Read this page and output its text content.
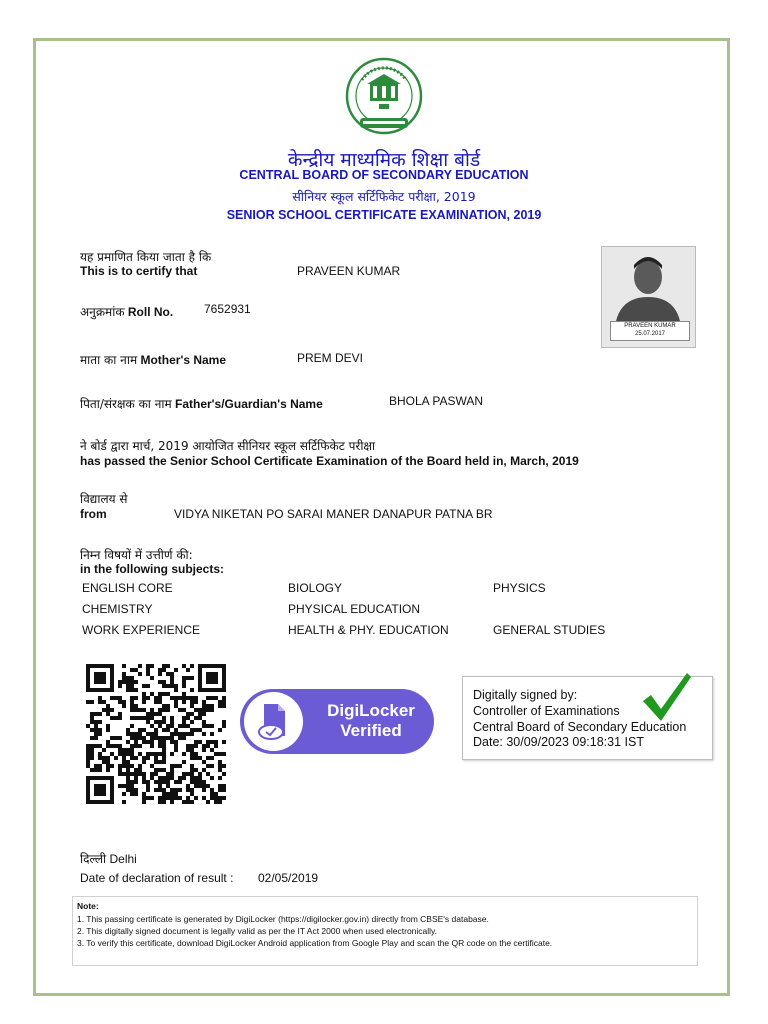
केन्द्रीय माध्यमिक शिक्षा बोर्ड
CENTRAL BOARD OF SECONDARY EDUCATION
सीनियर स्कूल सर्टिफिकेट परीक्षा, 2019
SENIOR SCHOOL CERTIFICATE EXAMINATION, 2019
PRAVEEN KUMAR
25.07.2017
यह प्रमाणित किया जाता है कि
This is to certify that	PRAVEEN KUMAR
अनुक्रमांक Roll No.	7652931
माता का नाम Mother's Name	PREM DEVI
पिता/संरक्षक का नाम Father's/Guardian's Name	BHOLA PASWAN
ने बोर्ड द्वारा मार्च, 2019 आयोजित सीनियर स्कूल सर्टिफिकेट परीक्षा
has passed the Senior School Certificate Examination of the Board held in, March, 2019
विद्यालय से
from	VIDYA NIKETAN PO SARAI MANER DANAPUR PATNA BR
निम्न विषयों में उत्तीर्ण की:
in the following subjects:
ENGLISH CORE	BIOLOGY	PHYSICS
CHEMISTRY	PHYSICAL EDUCATION
WORK EXPERIENCE	HEALTH & PHY. EDUCATION	GENERAL STUDIES
DigiLocker
Verified
Digitally signed by:
Controller of Examinations
Central Board of Secondary Education
Date: 30/09/2023 09:18:31 IST
दिल्ली Delhi
Date of declaration of result : 02/05/2019
Note:
1. This passing certificate is generated by DigiLocker (https://digilocker.gov.in) directly from CBSE's database.
2. This digitally signed document is legally valid as per the IT Act 2000 when used electronically.
3. To verify this certificate, download DigiLocker Android application from Google Play and scan the QR code on the certificate.
